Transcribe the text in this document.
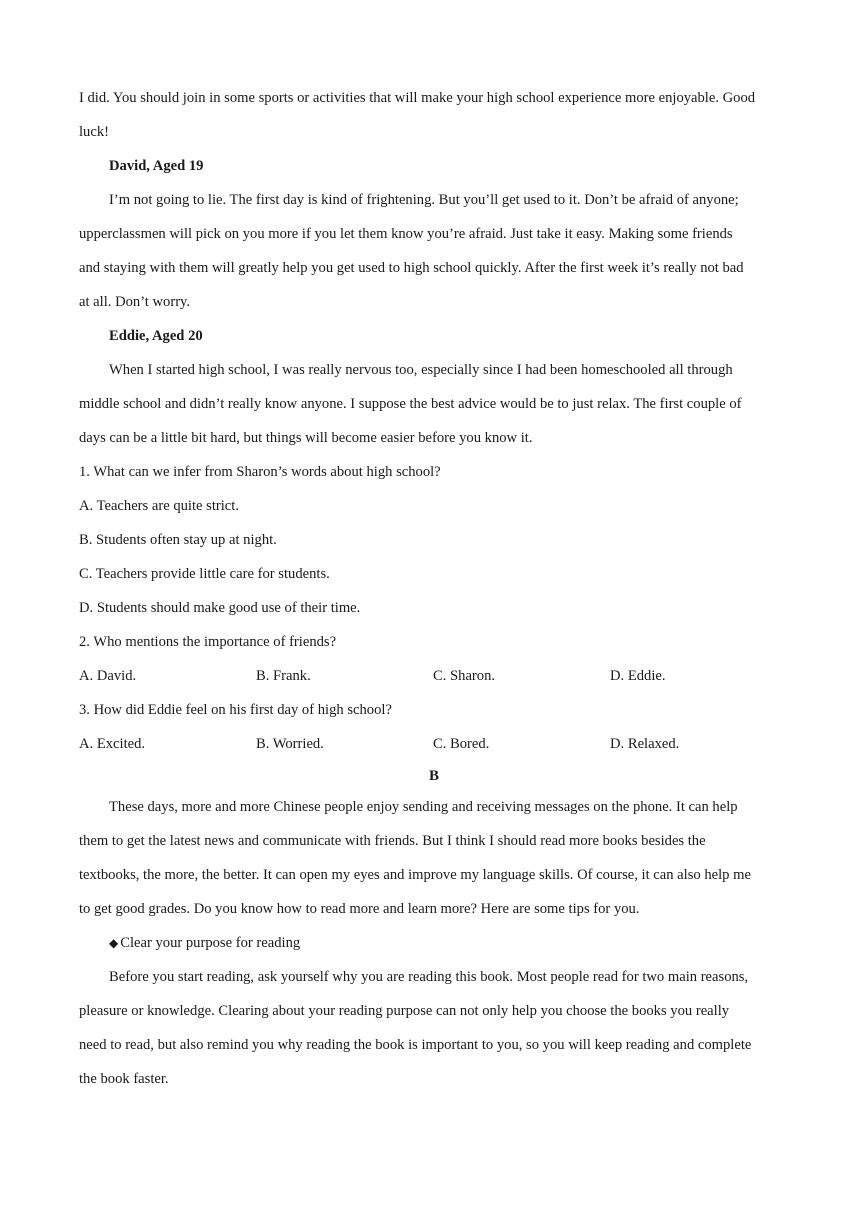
I did. You should join in some sports or activities that will make your high school experience more enjoyable. Good
luck!
David, Aged 19
I’m not going to lie. The first day is kind of frightening. But you’ll get used to it. Don’t be afraid of anyone;
upperclassmen will pick on you more if you let them know you’re afraid. Just take it easy. Making some friends
and staying with them will greatly help you get used to high school quickly. After the first week it’s really not bad
at all. Don’t worry.
Eddie, Aged 20
When I started high school, I was really nervous too, especially since I had been homeschooled all through
middle school and didn’t really know anyone. I suppose the best advice would be to just relax. The first couple of
days can be a little bit hard, but things will become easier before you know it.
1. What can we infer from Sharon’s words about high school?
A. Teachers are quite strict.
B. Students often stay up at night.
C. Teachers provide little care for students.
D. Students should make good use of their time.
2. Who mentions the importance of friends?
A. David.	B. Frank.	C. Sharon.	D. Eddie.
3. How did Eddie feel on his first day of high school?
A. Excited.	B. Worried.	C. Bored.	D. Relaxed.
B
These days, more and more Chinese people enjoy sending and receiving messages on the phone. It can help
them to get the latest news and communicate with friends. But I think I should read more books besides the
textbooks, the more, the better. It can open my eyes and improve my language skills. Of course, it can also help me
to get good grades. Do you know how to read more and learn more? Here are some tips for you.
◆ Clear your purpose for reading
Before you start reading, ask yourself why you are reading this book. Most people read for two main reasons,
pleasure or knowledge. Clearing about your reading purpose can not only help you choose the books you really
need to read, but also remind you why reading the book is important to you, so you will keep reading and complete
the book faster.
